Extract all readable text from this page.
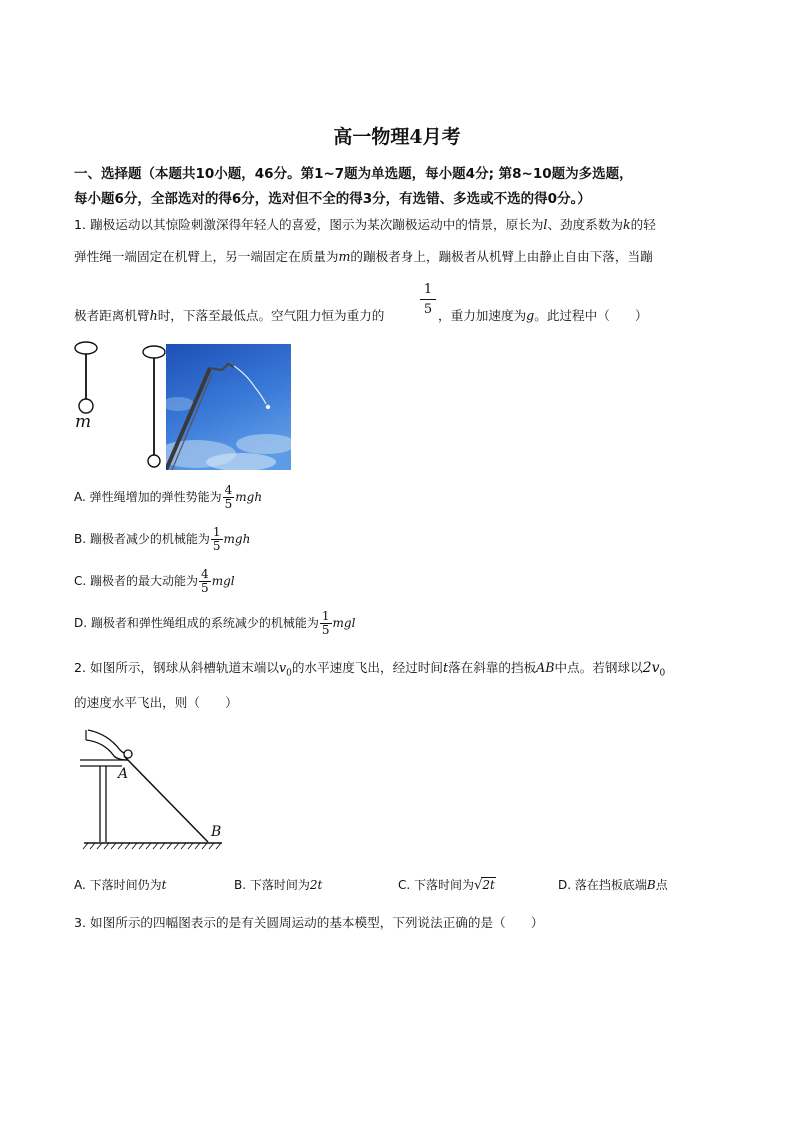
高一物理4月考
一、选择题（本题共10小题，46分。第1~7题为单选题，每小题4分; 第8~10题为多选题，
每小题6分，全部选对的得6分，选对但不全的得3分，有选错、多选或不选的得0分。）
1. 蹦极运动以其惊险刺激深得年轻人的喜爱，图示为某次蹦极运动中的情景，原长为l、劲度系数为k的轻
弹性绳一端固定在机臂上，另一端固定在质量为m的蹦极者身上，蹦极者从机臂上由静止自由下落，当蹦
极者距离机臂h时，下落至最低点。空气阻力恒为重力的
1
5 ，重力加速度为g。此过程中（　　）
m
A. 弹性绳增加的弹性势能为 $\frac{4}{5}$ mgh
B. 蹦极者减少的机械能为 $\frac{1}{5}$ mgh
C. 蹦极者的最大动能为 $\frac{4}{5}$ mgl
D. 蹦极者和弹性绳组成的系统减少的机械能为 $\frac{1}{5}$ mgl
2. 如图所示，钢球从斜槽轨道末端以$v_0$的水平速度飞出，经过时间t落在斜靠的挡板AB中点。若钢球以$2v_0$
的速度水平飞出，则（　　）
A
B
A. 下落时间仍为t	B. 下落时间为2t	C. 下落时间为√2t	D. 落在挡板底端B点
3. 如图所示的四幅图表示的是有关圆周运动的基本模型，下列说法正确的是（　　）
